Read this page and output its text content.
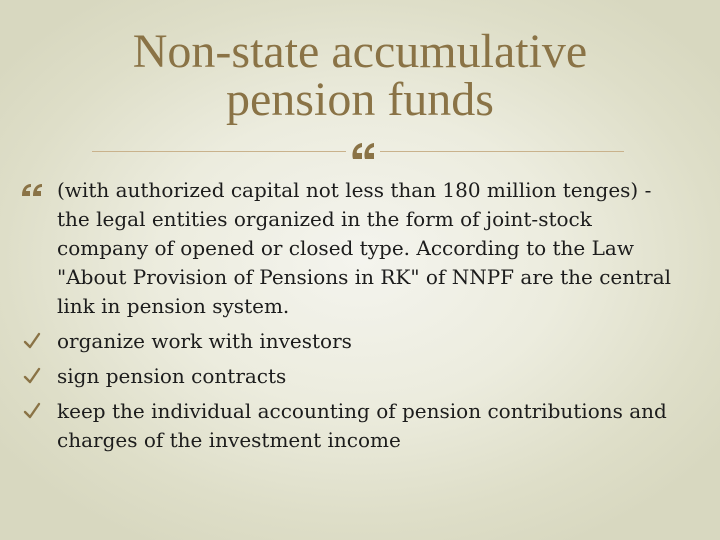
Non-state accumulative
pension funds
(with authorized capital not less than 180 million tenges) - the legal entities organized in the form of joint-stock company of opened or closed type. According to the Law "About Provision of Pensions in RK" of NNPF are the central link in pension system.
organize work with investors
sign pension contracts
keep the individual accounting of pension contributions and charges of the investment income
